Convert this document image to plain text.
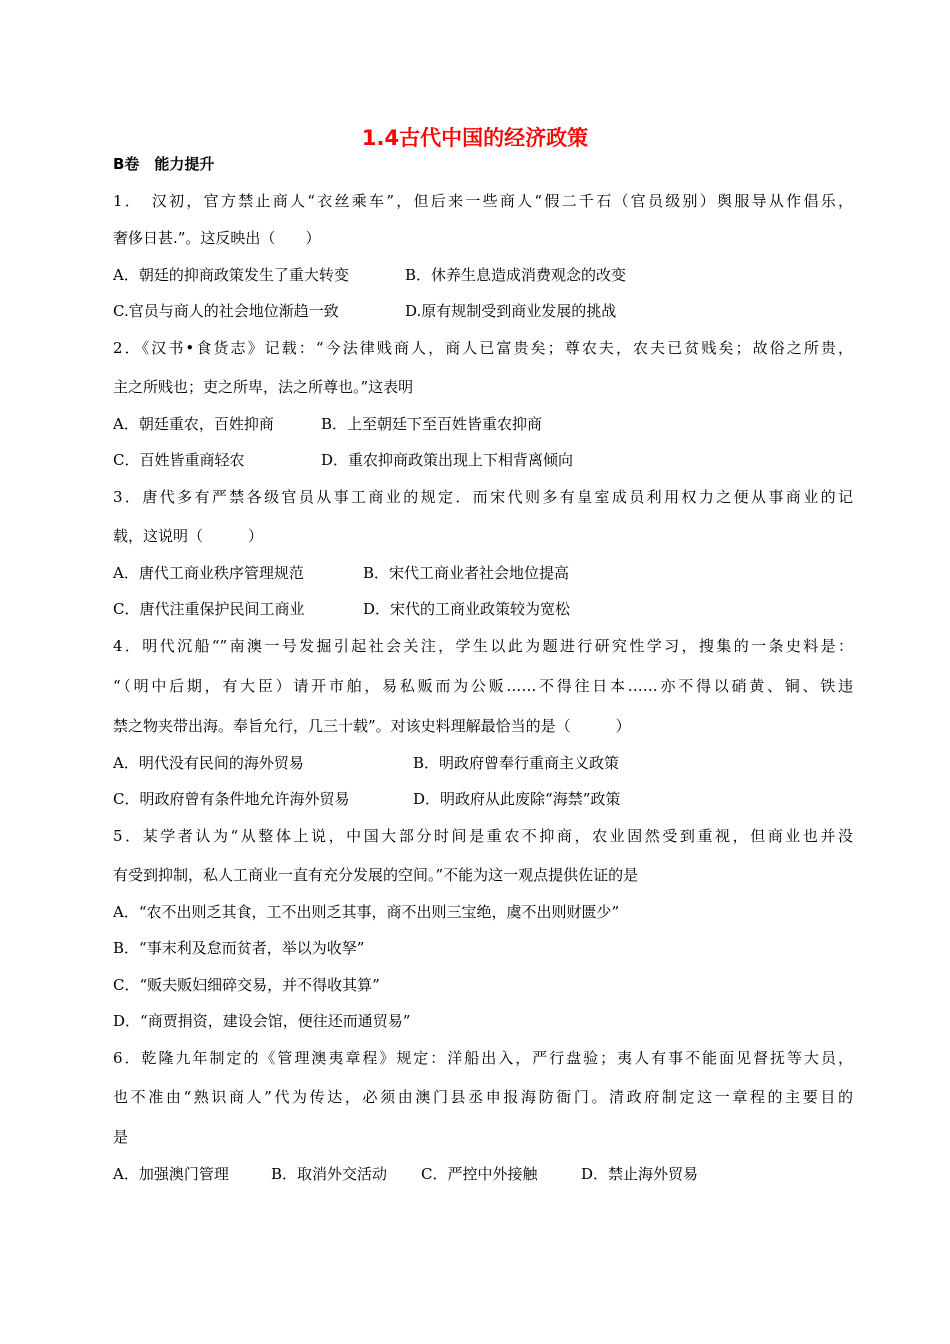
1.4古代中国的经济政策
B卷　能力提升
1．　汉初，官方禁止商人“衣丝乘车”，但后来一些商人“假二千石（官员级别）舆服导从作倡乐，
奢侈日甚.”。这反映出（　　）
A．朝廷的抑商政策发生了重大转变	B．休养生息造成消费观念的改变
C.官员与商人的社会地位渐趋一致	D.原有规制受到商业发展的挑战
2．《汉书•食货志》记载：“今法律贱商人，商人已富贵矣；尊农夫，农夫已贫贱矣；故俗之所贵，
主之所贱也；吏之所卑，法之所尊也。”这表明
A．朝廷重农，百姓抑商	B．上至朝廷下至百姓皆重农抑商
C．百姓皆重商轻农	D．重农抑商政策出现上下相背离倾向
3．唐代多有严禁各级官员从事工商业的规定．而宋代则多有皇室成员利用权力之便从事商业的记
载，这说明（　　　）
A．唐代工商业秩序管理规范	B．宋代工商业者社会地位提高
C．唐代注重保护民间工商业	D．宋代的工商业政策较为宽松
4．明代沉船“”南澳一号发掘引起社会关注，学生以此为题进行研究性学习，搜集的一条史料是：
“（明中后期，有大臣）请开市舶，易私贩而为公贩……不得往日本……亦不得以硝黄、铜、铁违
禁之物夹带出海。奉旨允行，几三十载”。对该史料理解最恰当的是（　　　）
A．明代没有民间的海外贸易	B．明政府曾奉行重商主义政策
C．明政府曾有条件地允许海外贸易	D．明政府从此废除“海禁”政策
5．某学者认为“从整体上说，中国大部分时间是重农不抑商，农业固然受到重视，但商业也并没
有受到抑制，私人工商业一直有充分发展的空间。”不能为这一观点提供佐证的是
A．“农不出则乏其食，工不出则乏其事，商不出则三宝绝，虞不出则财匮少”
B．“事末利及怠而贫者，举以为收孥”
C．“贩夫贩妇细碎交易，并不得收其算”
D．“商贾捐资，建设会馆，便往还而通贸易”
6．乾隆九年制定的《管理澳夷章程》规定：洋船出入，严行盘验；夷人有事不能面见督抚等大员，
也不准由“熟识商人”代为传达，必须由澳门县丞申报海防衙门。清政府制定这一章程的主要目的
是
A．加强澳门管理	B．取消外交活动 C．严控中外接触	D．禁止海外贸易
